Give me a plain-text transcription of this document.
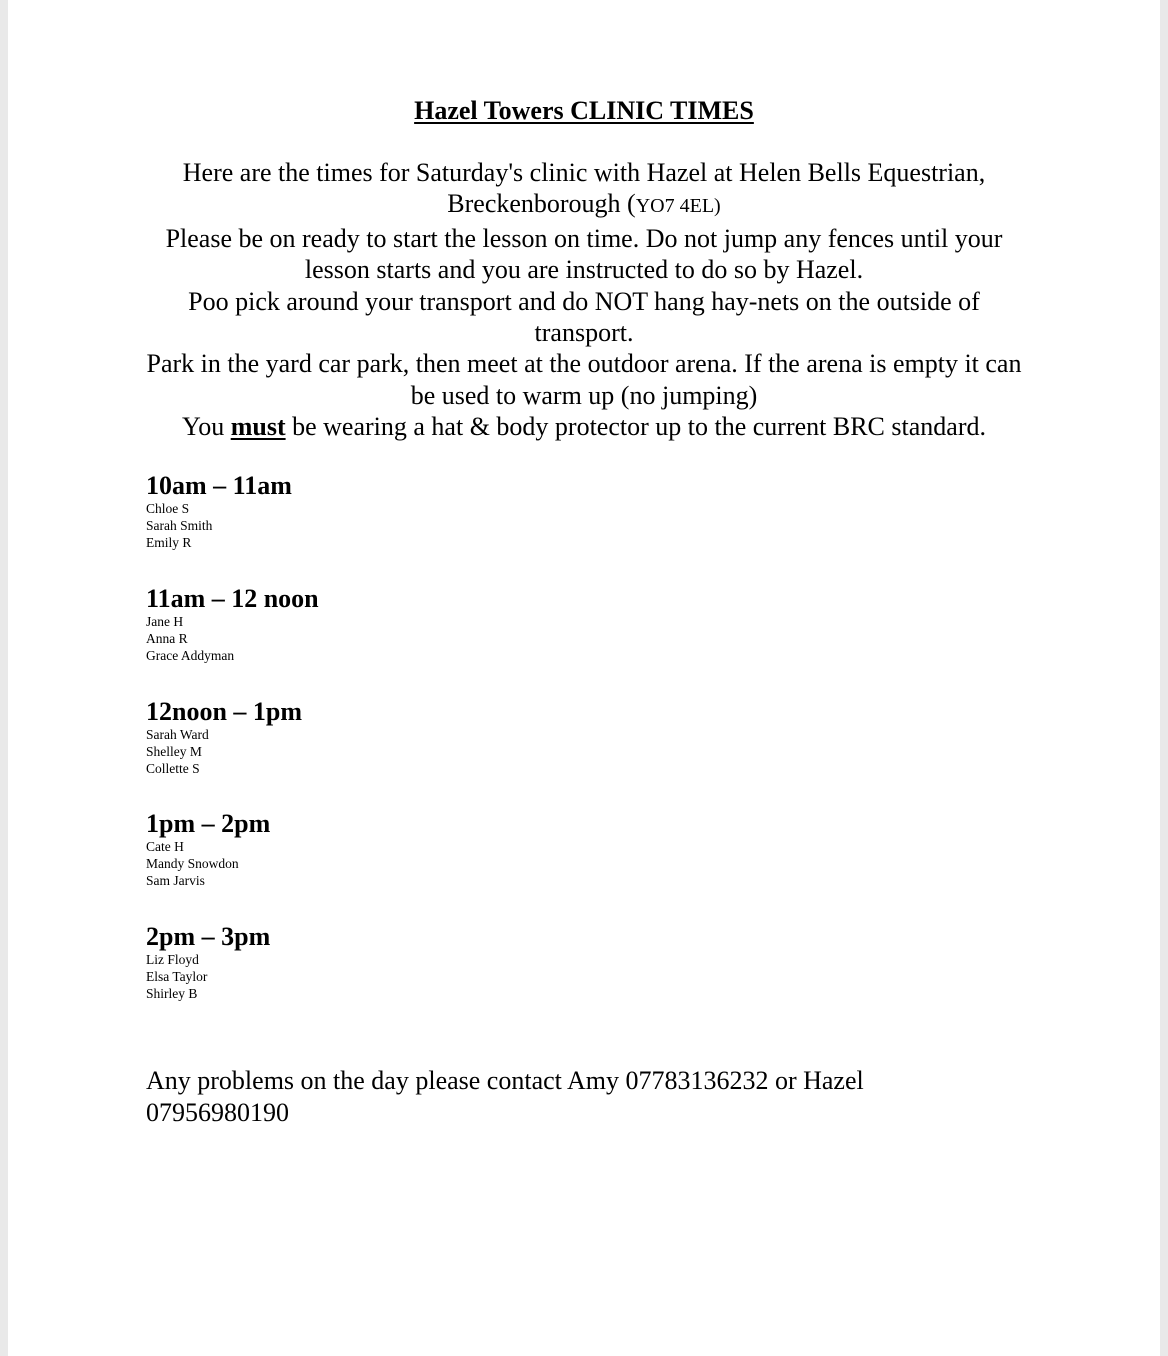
Hazel Towers CLINIC TIMES

Here are the times for Saturday's clinic with Hazel at Helen Bells Equestrian, Breckenborough (YO7 4EL)

Please be on ready to start the lesson on time. Do not jump any fences until your lesson starts and you are instructed to do so by Hazel.

Poo pick around your transport and do NOT hang hay-nets on the outside of transport.

Park in the yard car park, then meet at the outdoor arena. If the arena is empty it can be used to warm up (no jumping)

You must be wearing a hat & body protector up to the current BRC standard.

10am – 11am
Chloe S
Sarah Smith
Emily R
11am – 12 noon
Jane H
Anna R
Grace Addyman
12noon – 1pm
Sarah Ward
Shelley M
Collette S
1pm – 2pm
Cate H
Mandy Snowdon
Sam Jarvis
2pm – 3pm
Liz Floyd
Elsa Taylor
Shirley B

Any problems on the day please contact Amy 07783136232 or Hazel 07956980190
